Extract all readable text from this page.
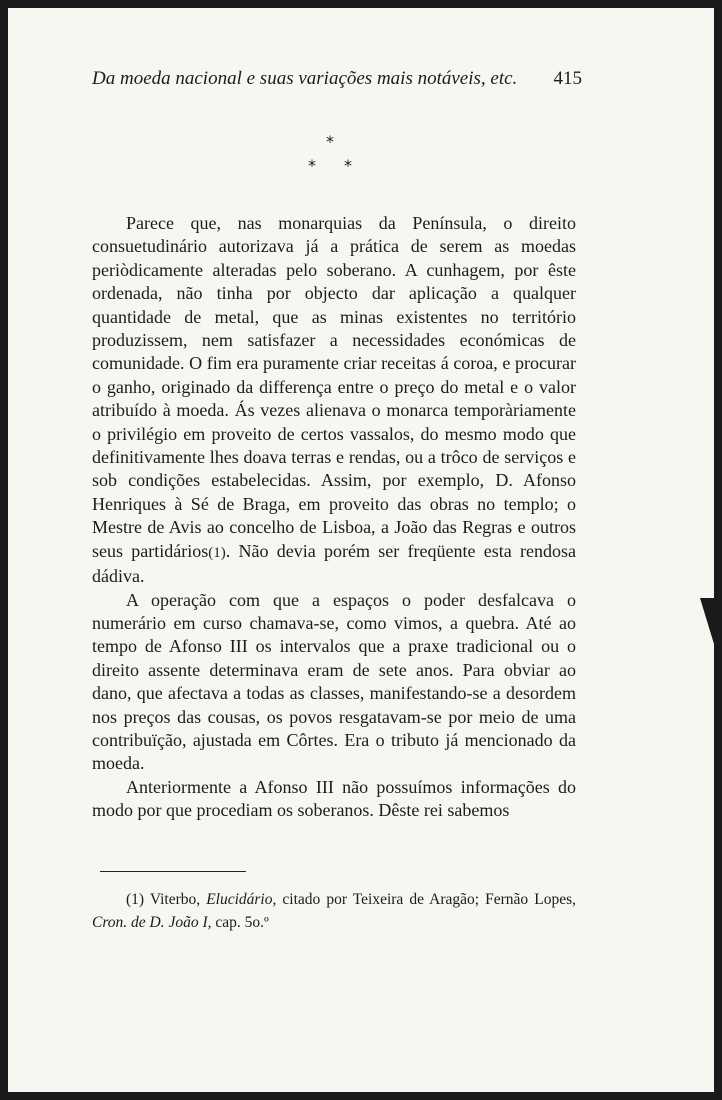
Da moeda nacional e suas variações mais notáveis, etc. 415
*
* *

Parece que, nas monarquias da Península, o direito consuetudinário autorizava já a prática de serem as moedas periòdicamente alteradas pelo soberano. A cunhagem, por êste ordenada, não tinha por objecto dar aplicação a qualquer quantidade de metal, que as minas existentes no território produzissem, nem satisfazer a necessidades económicas de comunidade. O fim era puramente criar receitas á coroa, e procurar o ganho, originado da differença entre o preço do metal e o valor atribuído à moeda. Ás vezes alienava o monarca temporàriamente o privilégio em proveito de certos vassalos, do mesmo modo que definitivamente lhes doava terras e rendas, ou a trôco de serviços e sob condições estabelecidas. Assim, por exemplo, D. Afonso Henriques à Sé de Braga, em proveito das obras no templo; o Mestre de Avis ao concelho de Lisboa, a João das Regras e outros seus partidários(1). Não devia porém ser freqüente esta rendosa dádiva.

A operação com que a espaços o poder desfalcava o numerário em curso chamava-se, como vimos, a quebra. Até ao tempo de Afonso III os intervalos que a praxe tradicional ou o direito assente determinava eram de sete anos. Para obviar ao dano, que afectava a todas as classes, manifestando-se a desordem nos preços das cousas, os povos resgatavam-se por meio de uma contribuïção, ajustada em Côrtes. Era o tributo já mencionado da moeda.

Anteriormente a Afonso III não possuímos informações do modo por que procediam os soberanos. Dêste rei sabemos

(1) Viterbo, Elucidário, citado por Teixeira de Aragão; Fernão Lopes, Cron. de D. João I, cap. 5o.º
